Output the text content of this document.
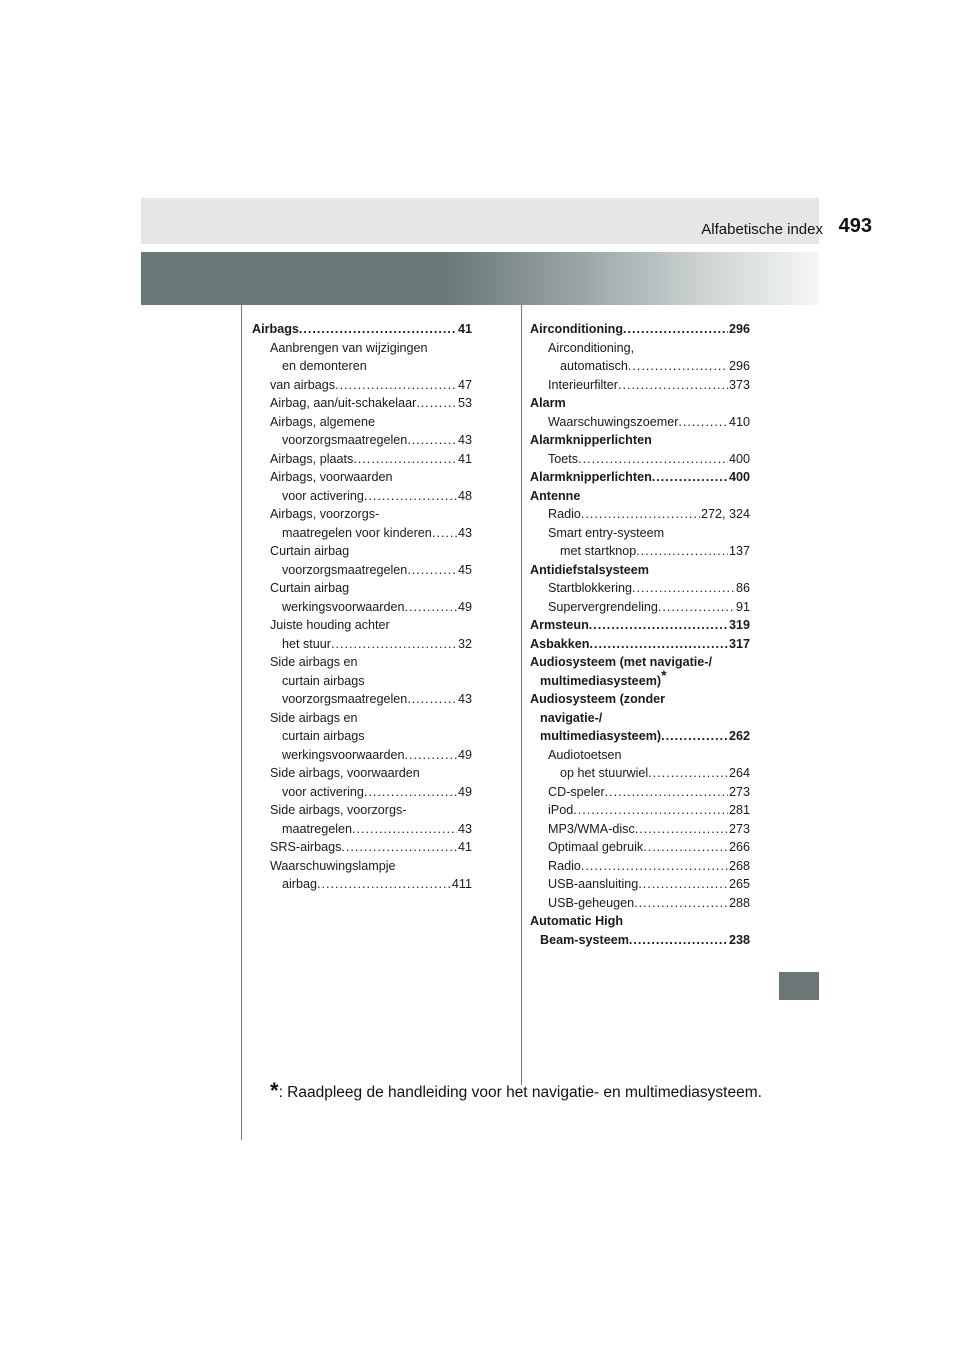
Alfabetische index 493
Airbags .....	41
Aanbrengen van wijzigingen
en demonteren
van airbags .....	47
Airbag, aan/uit-schakelaar .....	53
Airbags, algemene
voorzorgsmaatregelen .....	43
Airbags, plaats .....	41
Airbags, voorwaarden
voor activering .....	48
Airbags, voorzorgs-
maatregelen voor kinderen ..... 43
Curtain airbag
voorzorgsmaatregelen .....	45
Curtain airbag
werkingsvoorwaarden .....	49
Juiste houding achter
het stuur .....	32
Side airbags en
curtain airbags
voorzorgsmaatregelen .....	43
Side airbags en
curtain airbags
werkingsvoorwaarden .....	49
Side airbags, voorwaarden
voor activering .....	49
Side airbags, voorzorgs-
maatregelen .....	43
SRS-airbags .....	41
Waarschuwingslampje
airbag .....	411
Airconditioning .....	296
Airconditioning,
automatisch .....	296
Interieurfilter .....	373
Alarm
Waarschuwingszoemer .....	410
Alarmknipperlichten
Toets .....	400
Alarmknipperlichten .....	400
Antenne
Radio .....	272, 324
Smart entry-systeem
met startknop .....	137
Antidiefstalsysteem
Startblokkering .....	86
Supervergrendeling .....	91
Armsteun .....	319
Asbakken .....	317
Audiosysteem (met navigatie-/
multimediasysteem)*
Audiosysteem (zonder
navigatie-/
multimediasysteem) .....	262
Audiotoetsen
op het stuurwiel .....	264
CD-speler .....	273
iPod .....	281
MP3/WMA-disc .....	273
Optimaal gebruik .....	266
Radio .....	268
USB-aansluiting .....	265
USB-geheugen .....	288
Automatic High
Beam-systeem .....	238
*: Raadpleeg de handleiding voor het navigatie- en multimediasysteem.
